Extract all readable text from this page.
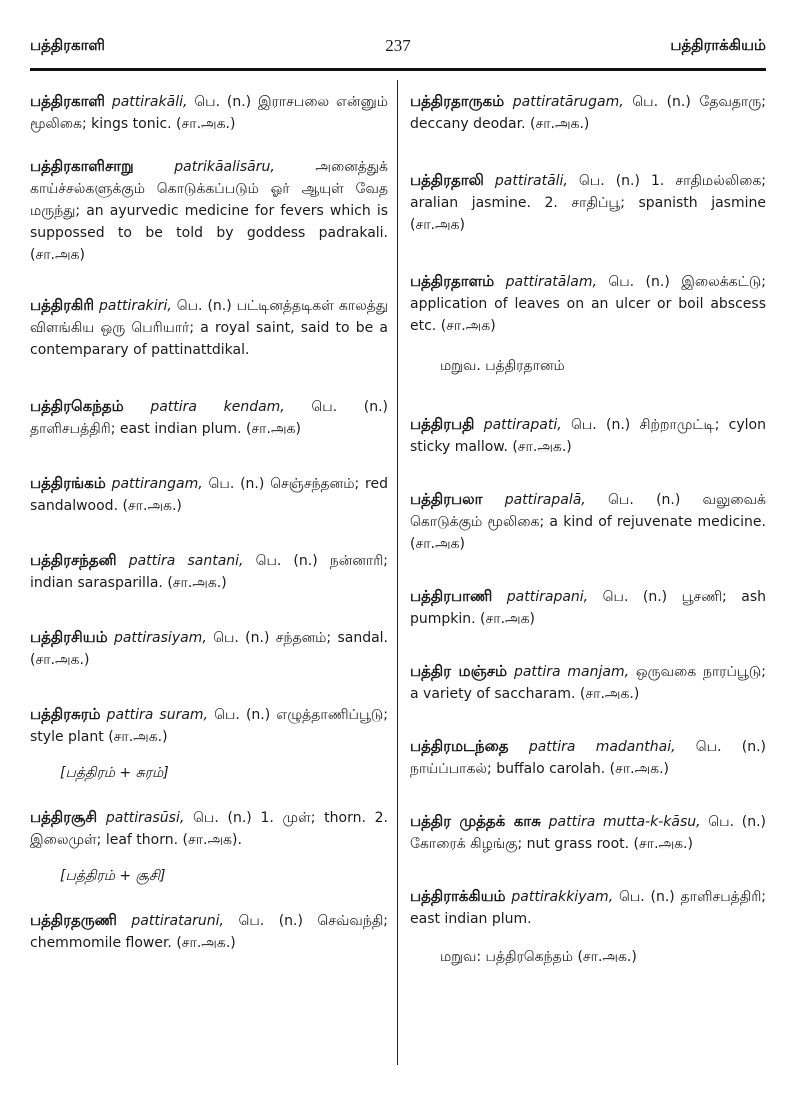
பத்திரகாளி	237	பத்திராக்கியம்
பத்திரகாளி pattirakāli, பெ. (n.) இராசபலை என்னும் மூலிகை; kings tonic. (சா.அக.)
பத்திரகாளிசாறு	patrikāalisāru, அனைத்துக் காய்ச்சல்களுக்கும் கொடுக்கப்படும் ஓர் ஆயுள் வேத மருந்து; an ayurvedic medicine for fevers which is suppossed to be told by goddess padrakali. (சா.அக)
பத்திரகிரி pattirakiri, பெ. (n.) பட்டினத்தடிகள் காலத்து விளங்கிய ஒரு பெரியார்; a royal saint, said to be a contemparary of pattinattdikal.
பத்திரகெந்தம் pattira kendam, பெ. (n.) தாளிசபத்திரி; east indian plum. (சா.அக)
பத்திரங்கம் pattirangam, பெ. (n.) செஞ்சந்தனம்; red sandalwood. (சா.அக.)
பத்திரசந்தனி pattira santani, பெ. (n.) நன்னாரி; indian sarasparilla. (சா.அக.)
பத்திரசியம் pattirasiyam, பெ. (n.) சந்தனம்; sandal. (சா.அக.)
பத்திரசுரம் pattira suram, பெ. (n.) எழுத்தாணிப்பூடு; style plant (சா.அக.)
[பத்திரம் + சுரம்]
பத்திரசூசி pattirasūsi, பெ. (n.) 1. முள்; thorn. 2. இலைமுள்; leaf thorn. (சா.அக).
[பத்திரம் + சூசி]
பத்திரதருணி pattirataruni, பெ. (n.) செவ்வந்தி; chemmomile flower. (சா.அக.)
பத்திரதாருகம் pattiratārugam, பெ. (n.) தேவதாரு; deccany deodar. (சா.அக.)
பத்திரதாலி pattiratāli, பெ. (n.) 1. சாதிமல்லிகை; aralian jasmine. 2. சாதிப்பூ; spanisth jasmine (சா.அக)
பத்திரதாளம் pattiratālam, பெ. (n.) இலைக்கட்டு; application of leaves on an ulcer or boil abscess etc. (சா.அக)
மறுவ. பத்திரதானம்
பத்திரபதி pattirapati, பெ. (n.) சிற்றாமுட்டி; cylon sticky mallow. (சா.அக.)
பத்திரபலா pattirapalā, பெ. (n.) வலுவைக் கொடுக்கும் மூலிகை; a kind of rejuvenate medicine. (சா.அக)
பத்திரபாணி pattirapani, பெ. (n.) பூசணி; ash pumpkin. (சா.அக)
பத்திர மஞ்சம் pattira manjam, ஒருவகை நாரப்பூடு; a variety of saccharam. (சா.அக.)
பத்திரமடந்தை pattira madanthai, பெ. (n.) நாய்ப்பாகல்; buffalo carolah. (சா.அக.)
பத்திர முத்தக் காசு pattira mutta-k-kāsu, பெ. (n.) கோரைக் கிழங்கு; nut grass root. (சா.அக.)
பத்திராக்கியம் pattirakkiyam, பெ. (n.) தாளிசபத்திரி; east indian plum.
மறுவ: பத்திரகெந்தம் (சா.அக.)
